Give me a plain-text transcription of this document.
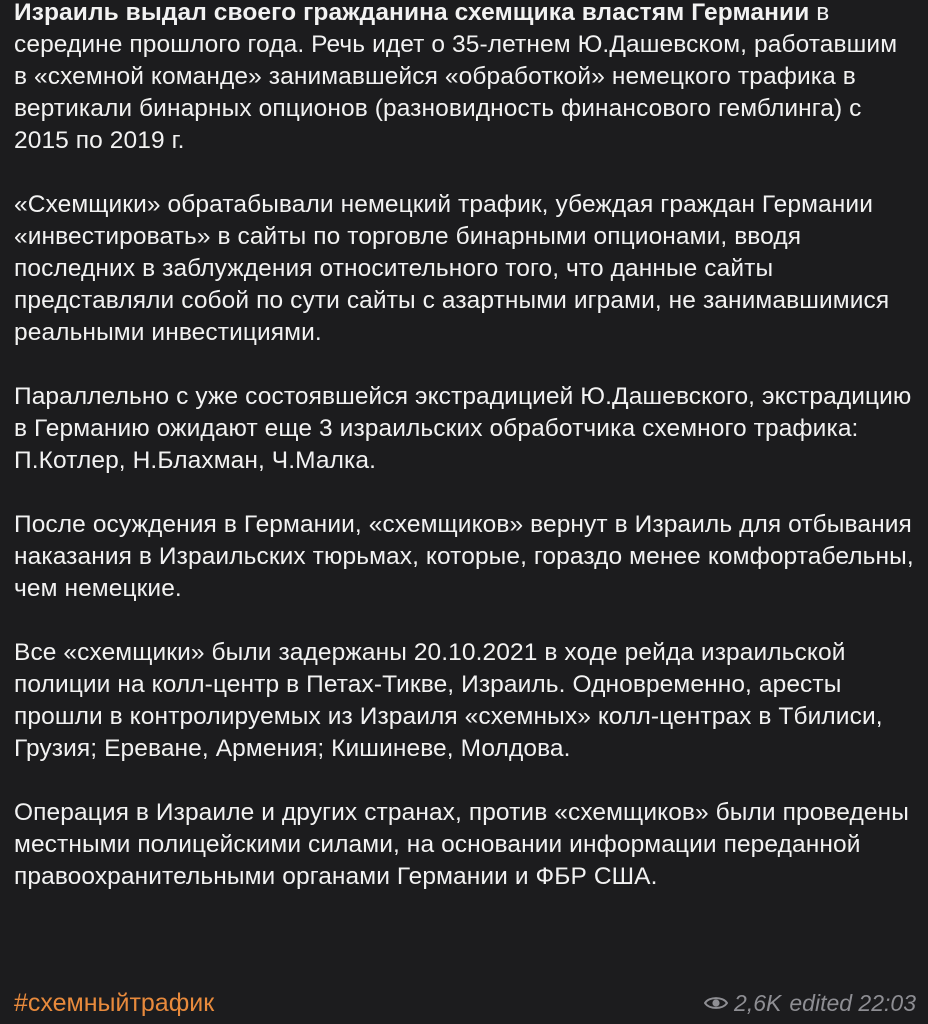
Израиль выдал своего гражданина схемщика властям Германии в середине прошлого года. Речь идет о 35-летнем Ю.Дашевском, работавшим в «схемной команде» занимавшейся «обработкой» немецкого трафика в вертикали бинарных опционов (разновидность финансового гемблинга) с 2015 по 2019 г.

«Схемщики» обратабывали немецкий трафик, убеждая граждан Германии «инвестировать» в сайты по торговле бинарными опционами, вводя последних в заблуждения относительного того, что данные сайты представляли собой по сути сайты с азартными играми, не занимавшимися реальными инвестициями.

Параллельно с уже состоявшейся экстрадицией Ю.Дашевского, экстрадицию в Германию ожидают еще 3 израильских обработчика схемного трафика: П.Котлер, Н.Блахман, Ч.Малка.

После осуждения в Германии, «схемщиков» вернут в Израиль для отбывания наказания в Израильских тюрьмах, которые, гораздо менее комфортабельны, чем немецкие.

Все «схемщики» были задержаны 20.10.2021 в ходе рейда израильской полиции на колл-центр в Петах-Тикве, Израиль. Одновременно, аресты прошли в контролируемых из Израиля «схемных» колл-центрах в Тбилиси, Грузия; Ереване, Армения; Кишиневе, Молдова.

Операция в Израиле и других странах, против «схемщиков» были проведены местными полицейскими силами, на основании информации переданной правоохранительными органами Германии и ФБР США.

#схемныйтрафик	2,6K edited 22:03
